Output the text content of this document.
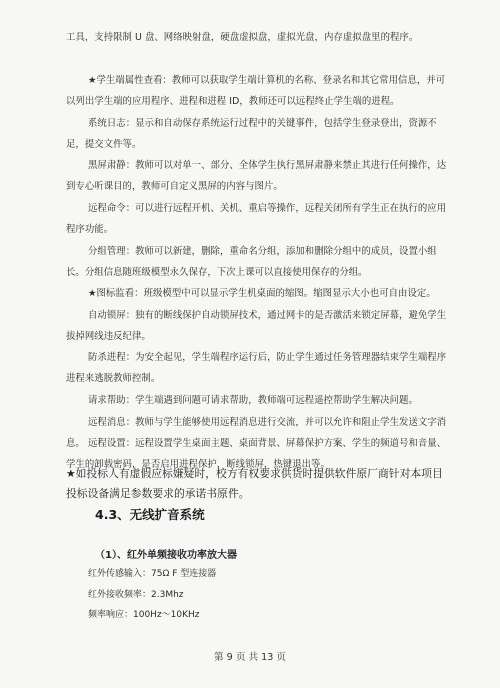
工具，支持限制 U 盘、网络映射盘，硬盘虚拟盘，虚拟光盘，内存虚拟盘里的程序。

★学生端属性查看：教师可以获取学生端计算机的名称、登录名和其它常用信息，并可以列出学生端的应用程序、进程和进程 ID，教师还可以远程终止学生端的进程。

系统日志：显示和自动保存系统运行过程中的关键事件，包括学生登录登出，资源不足，提交文件等。

黑屏肃静：教师可以对单一、部分、全体学生执行黑屏肃静来禁止其进行任何操作，达到专心听课目的，教师可自定义黑屏的内容与图片。

远程命令：可以进行远程开机、关机、重启等操作，远程关闭所有学生正在执行的应用程序功能。

分组管理：教师可以新建，删除，重命名分组，添加和删除分组中的成员，设置小组长。分组信息随班级模型永久保存，下次上课可以直接使用保存的分组。

★图标监看：班级模型中可以显示学生机桌面的缩图。缩图显示大小也可自由设定。

自动锁屏：独有的断线保护自动锁屏技术，通过网卡的是否激活来锁定屏幕，避免学生拔掉网线违反纪律。

防杀进程：为安全起见，学生端程序运行后，防止学生通过任务管理器结束学生端程序进程来逃脱教师控制。

请求帮助：学生端遇到问题可请求帮助，教师端可远程遥控帮助学生解决问题。

远程消息：教师与学生能够使用远程消息进行交流，并可以允许和阻止学生发送文字消息。 远程设置：远程设置学生桌面主题、桌面背景、屏幕保护方案、学生的频道号和音量、学生的卸载密码，是否启用进程保护，断线锁屏，热键退出等。

★如投标人有虚假应标嫌疑时，校方有权要求供货时提供软件原厂商针对本项目投标设备满足参数要求的承诺书原件。

4.3、无线扩音系统

（1）、红外单频接收功率放大器

红外传感输入：75Ω F 型连接器

红外接收频率：2.3Mhz

频率响应：100Hz～10KHz

第 9 页 共 13 页
